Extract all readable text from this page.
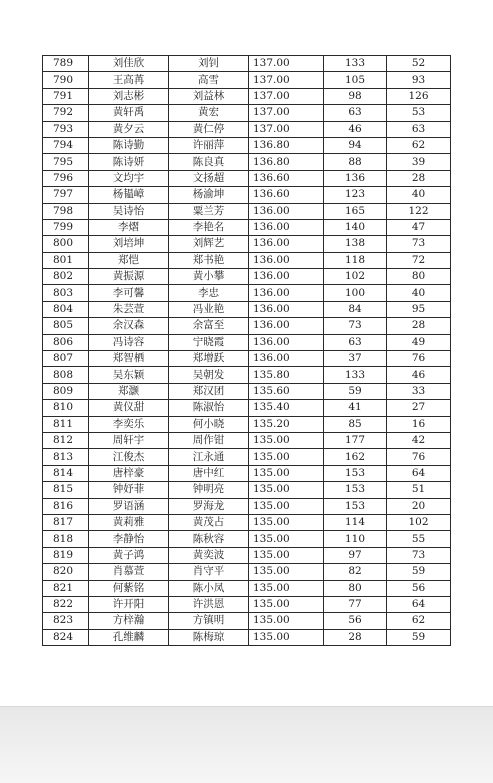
789	刘佳欣	刘钊	137.00	133	52
790	王高苒	高雪	137.00	105	93
791	刘志彬	刘益林	137.00	98	126
792	黄轩禹	黄宏	137.00	63	53
793	黄夕云	黄仁停	137.00	46	63
794	陈诗勤	许丽萍	136.80	94	62
795	陈诗妍	陈良真	136.80	88	39
796	文均宇	文扬超	136.60	136	28
797	杨韫嶂	杨渝坤	136.60	123	40
798	吴诗怡	粟兰芳	136.00	165	122
799	李熠	李艳名	136.00	140	47
800	刘培坤	刘辉艺	136.00	138	73
801	郑恺	郑书艳	136.00	118	72
802	黄振源	黄小攀	136.00	102	80
803	李可馨	李忠	136.00	100	40
804	朱芸萱	冯业艳	136.00	84	95
805	余汉森	余富至	136.00	73	28
806	冯诗容	宁晓霞	136.00	63	49
807	郑智栖	郑增跃	136.00	37	76
808	吴东颖	吴朝发	135.80	133	46
809	郑灏	郑汉团	135.60	59	33
810	黄仪甜	陈淑怡	135.40	41	27
811	李奕乐	何小晓	135.20	85	16
812	周轩宇	周作钳	135.00	177	42
813	江俊杰	江永通	135.00	162	76
814	唐梓豪	唐中红	135.00	153	64
815	钟妤菲	钟明亮	135.00	153	51
816	罗语涵	罗海龙	135.00	153	20
817	黄莉雅	黄茂占	135.00	114	102
818	李静怡	陈秋容	135.00	110	55
819	黄子鸿	黄奕波	135.00	97	73
820	肖慕萱	肖守平	135.00	82	59
821	何紫铭	陈小凤	135.00	80	56
822	许开阳	许洪恩	135.00	77	64
823	方梓瀚	方镇明	135.00	56	62
824	孔维麟	陈梅琼	135.00	28	59
